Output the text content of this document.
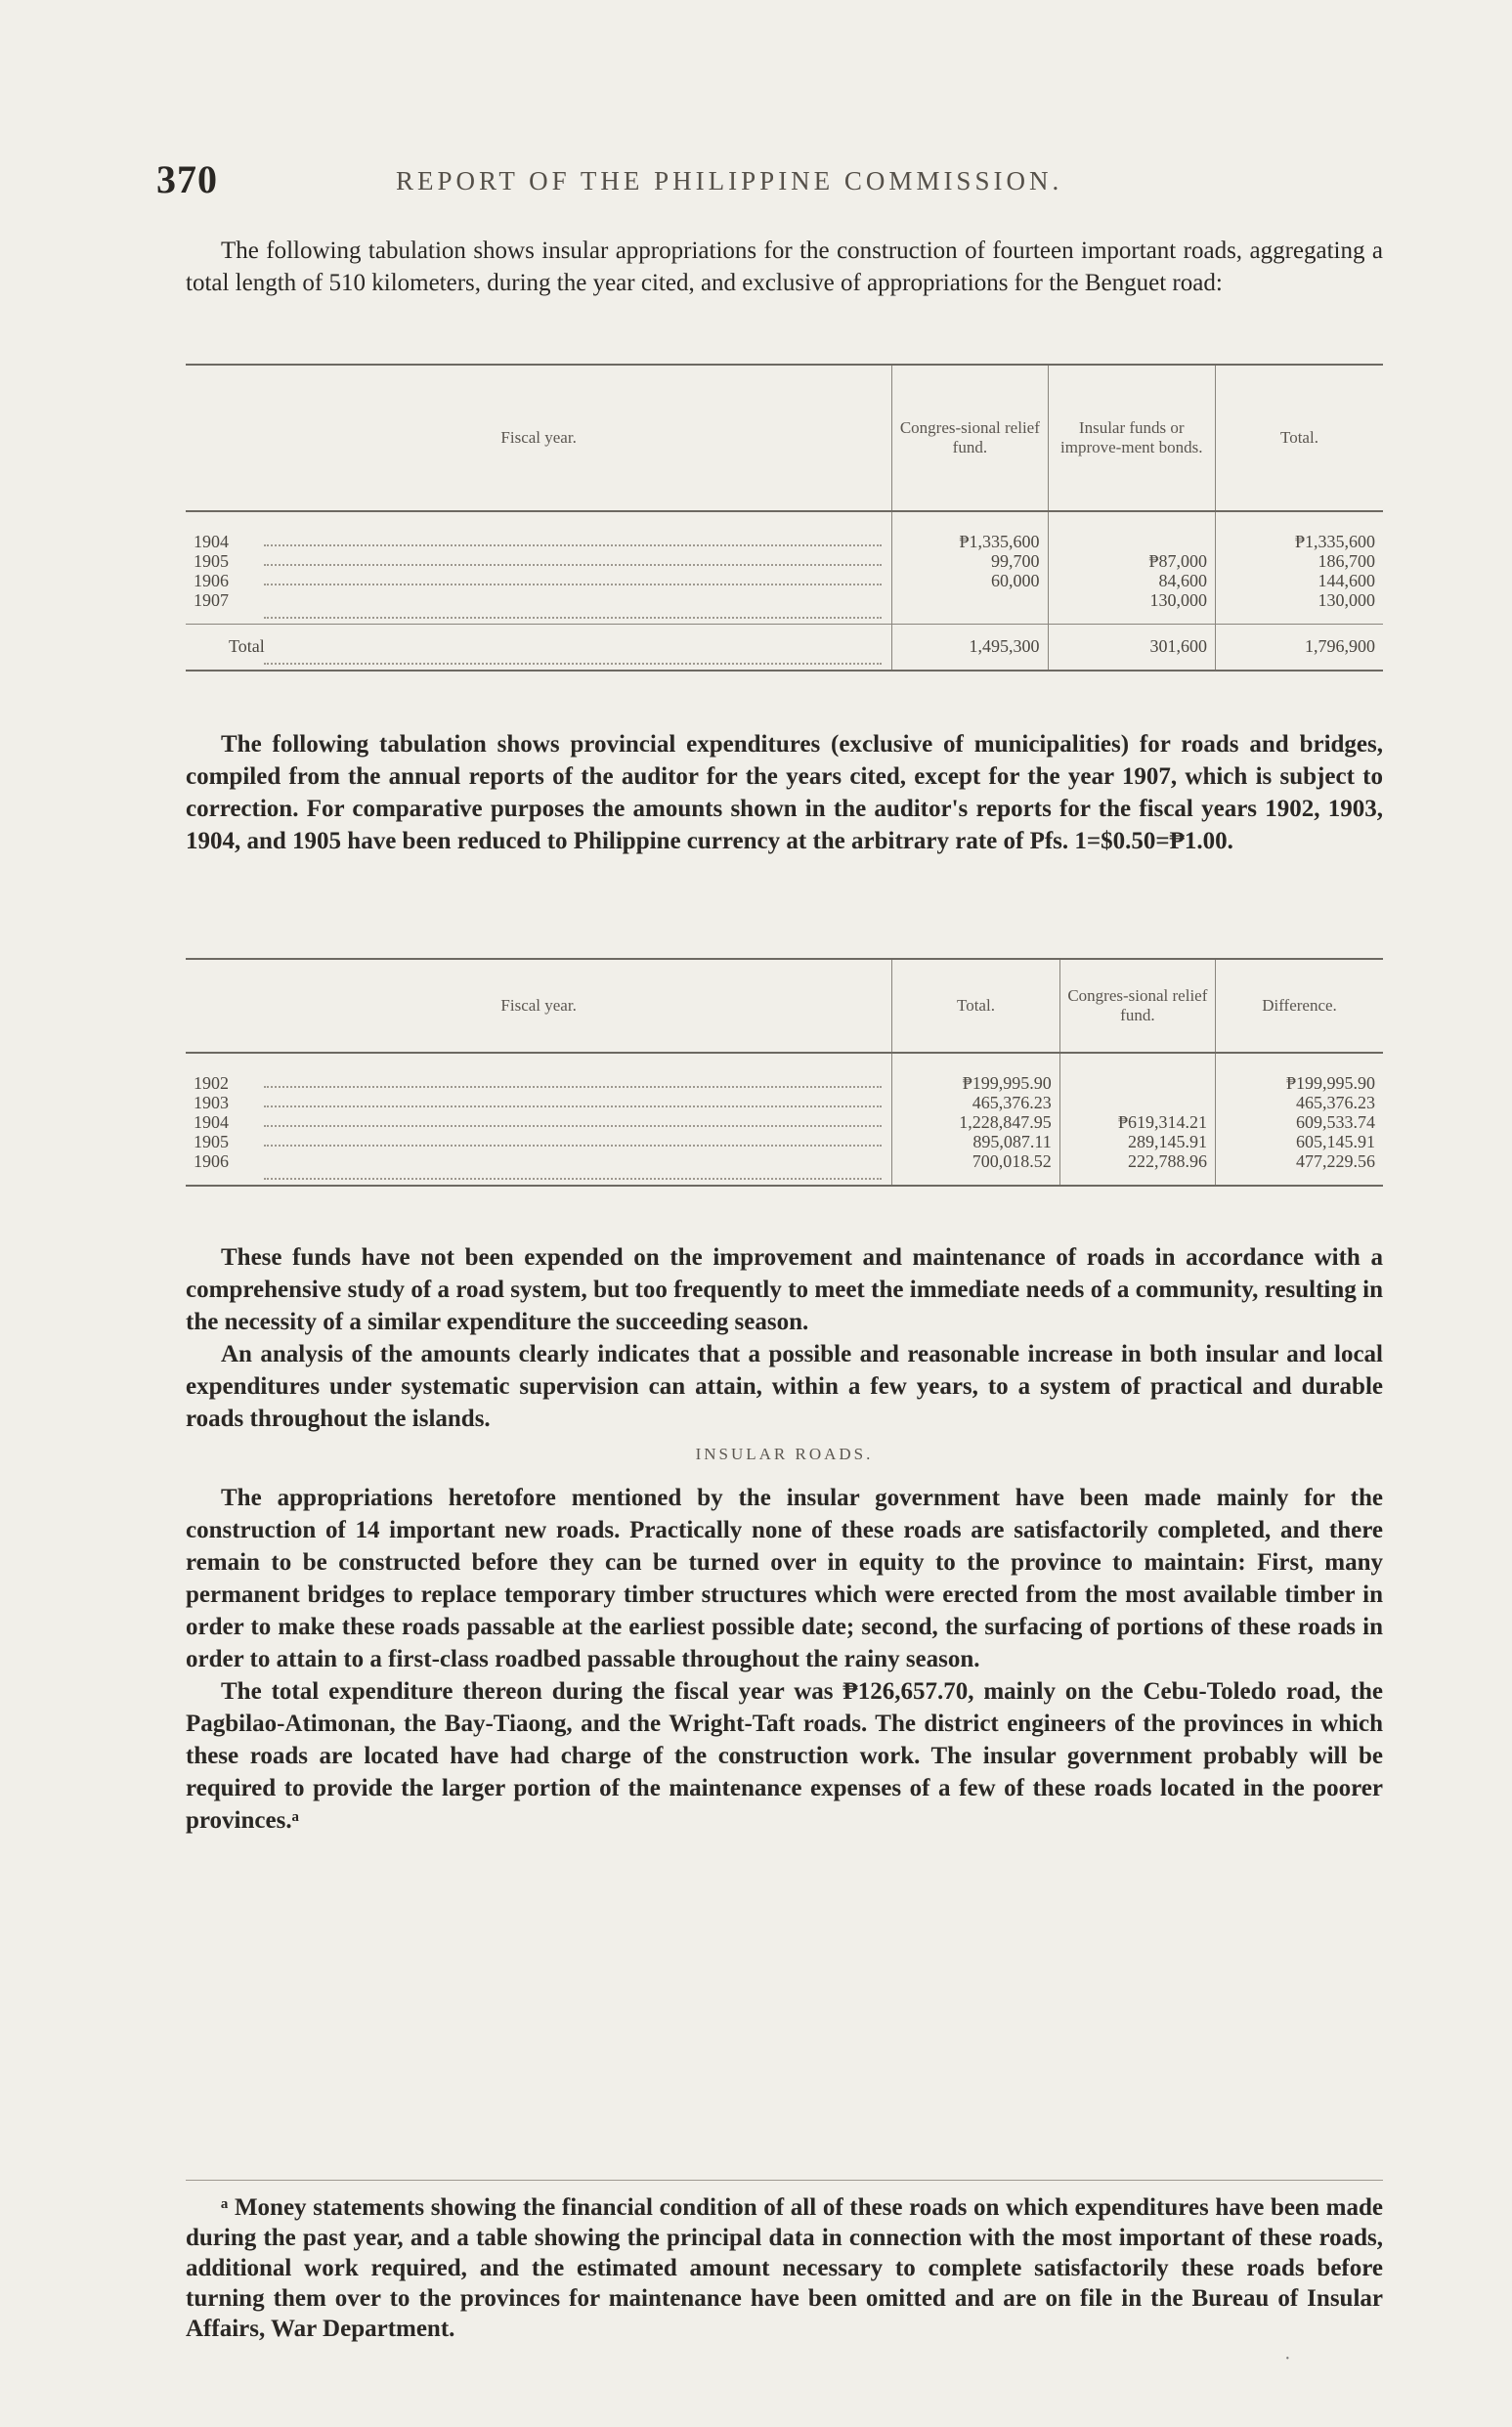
370	REPORT OF THE PHILIPPINE COMMISSION.

The following tabulation shows insular appropriations for the construction of fourteen important roads, aggregating a total length of 510 kilometers, during the year cited, and exclusive of appropriations for the Benguet road:

Fiscal year.	Congres-sional relief fund.	Insular funds or improve-ment bonds.	Total.
1904	₱1,335,600		₱1,335,600
1905	99,700	₱87,000	186,700
1906	60,000	84,600	144,600
1907		130,000	130,000
Total	1,495,300	301,600	1,796,900

The following tabulation shows provincial expenditures (exclusive of municipalities) for roads and bridges, compiled from the annual reports of the auditor for the years cited, except for the year 1907, which is subject to correction. For comparative purposes the amounts shown in the auditor's reports for the fiscal years 1902, 1903, 1904, and 1905 have been reduced to Philippine currency at the arbitrary rate of Pfs. 1=$0.50=₱1.00.

Fiscal year.	Total.	Congres-sional relief fund.	Difference.
1902	₱199,995.90		₱199,995.90
1903	465,376.23		465,376.23
1904	1,228,847.95	₱619,314.21	609,533.74
1905	895,087.11	289,145.91	605,145.91
1906	700,018.52	222,788.96	477,229.56

These funds have not been expended on the improvement and maintenance of roads in accordance with a comprehensive study of a road system, but too frequently to meet the immediate needs of a community, resulting in the necessity of a similar expenditure the succeeding season.

An analysis of the amounts clearly indicates that a possible and reasonable increase in both insular and local expenditures under systematic supervision can attain, within a few years, to a system of practical and durable roads throughout the islands.

INSULAR ROADS.

The appropriations heretofore mentioned by the insular government have been made mainly for the construction of 14 important new roads. Practically none of these roads are satisfactorily completed, and there remain to be constructed before they can be turned over in equity to the province to maintain: First, many permanent bridges to replace temporary timber structures which were erected from the most available timber in order to make these roads passable at the earliest possible date; second, the surfacing of portions of these roads in order to attain to a first-class roadbed passable throughout the rainy season.

The total expenditure thereon during the fiscal year was ₱126,657.70, mainly on the Cebu-Toledo road, the Pagbilao-Atimonan, the Bay-Tiaong, and the Wright-Taft roads. The district engineers of the provinces in which these roads are located have had charge of the construction work. The insular government probably will be required to provide the larger portion of the maintenance expenses of a few of these roads located in the poorer provinces.ᵃ

ᵃ Money statements showing the financial condition of all of these roads on which expenditures have been made during the past year, and a table showing the principal data in connection with the most important of these roads, additional work required, and the estimated amount necessary to complete satisfactorily these roads before turning them over to the provinces for maintenance have been omitted and are on file in the Bureau of Insular Affairs, War Department.

·
